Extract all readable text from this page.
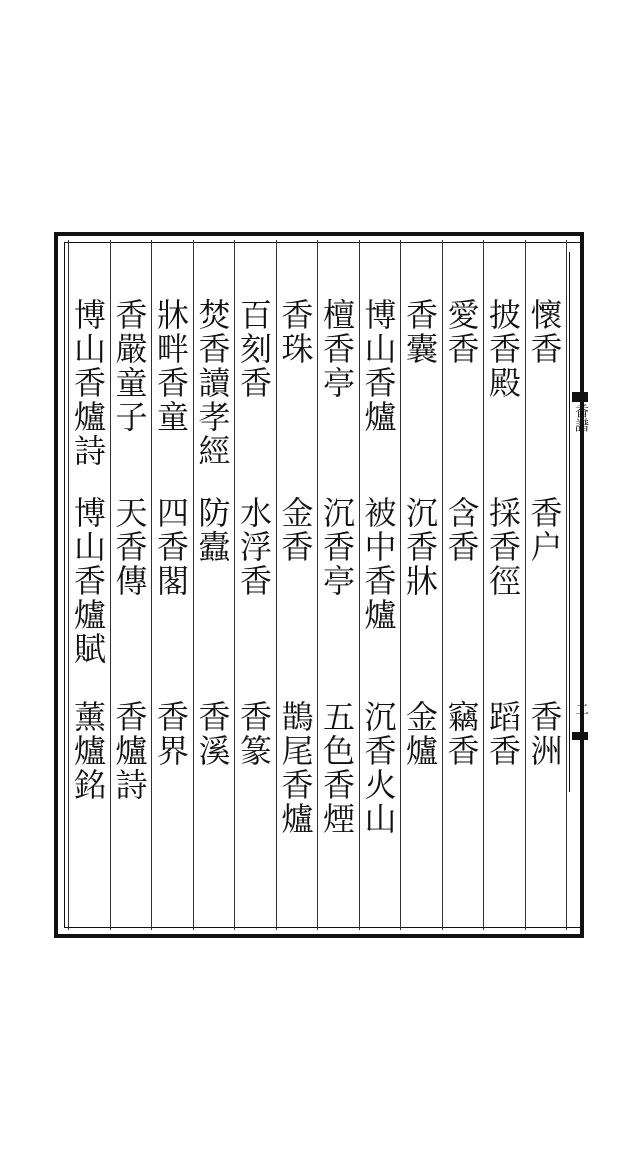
香譜
二
懷香
香户
香洲
披香殿
採香徑
蹈香
愛香
含香
竊香
香囊
沉香牀
金爐
博山香爐
被中香爐
沉香火山
檀香亭
沉香亭
五色香煙
香珠
金香
鵲尾香爐
百刻香
水浮香
香篆
焚香讀孝經
防蠹
香溪
牀畔香童
四香閣
香界
香嚴童子
天香傳
香爐詩
博山香爐詩
博山香爐賦
薰爐銘
